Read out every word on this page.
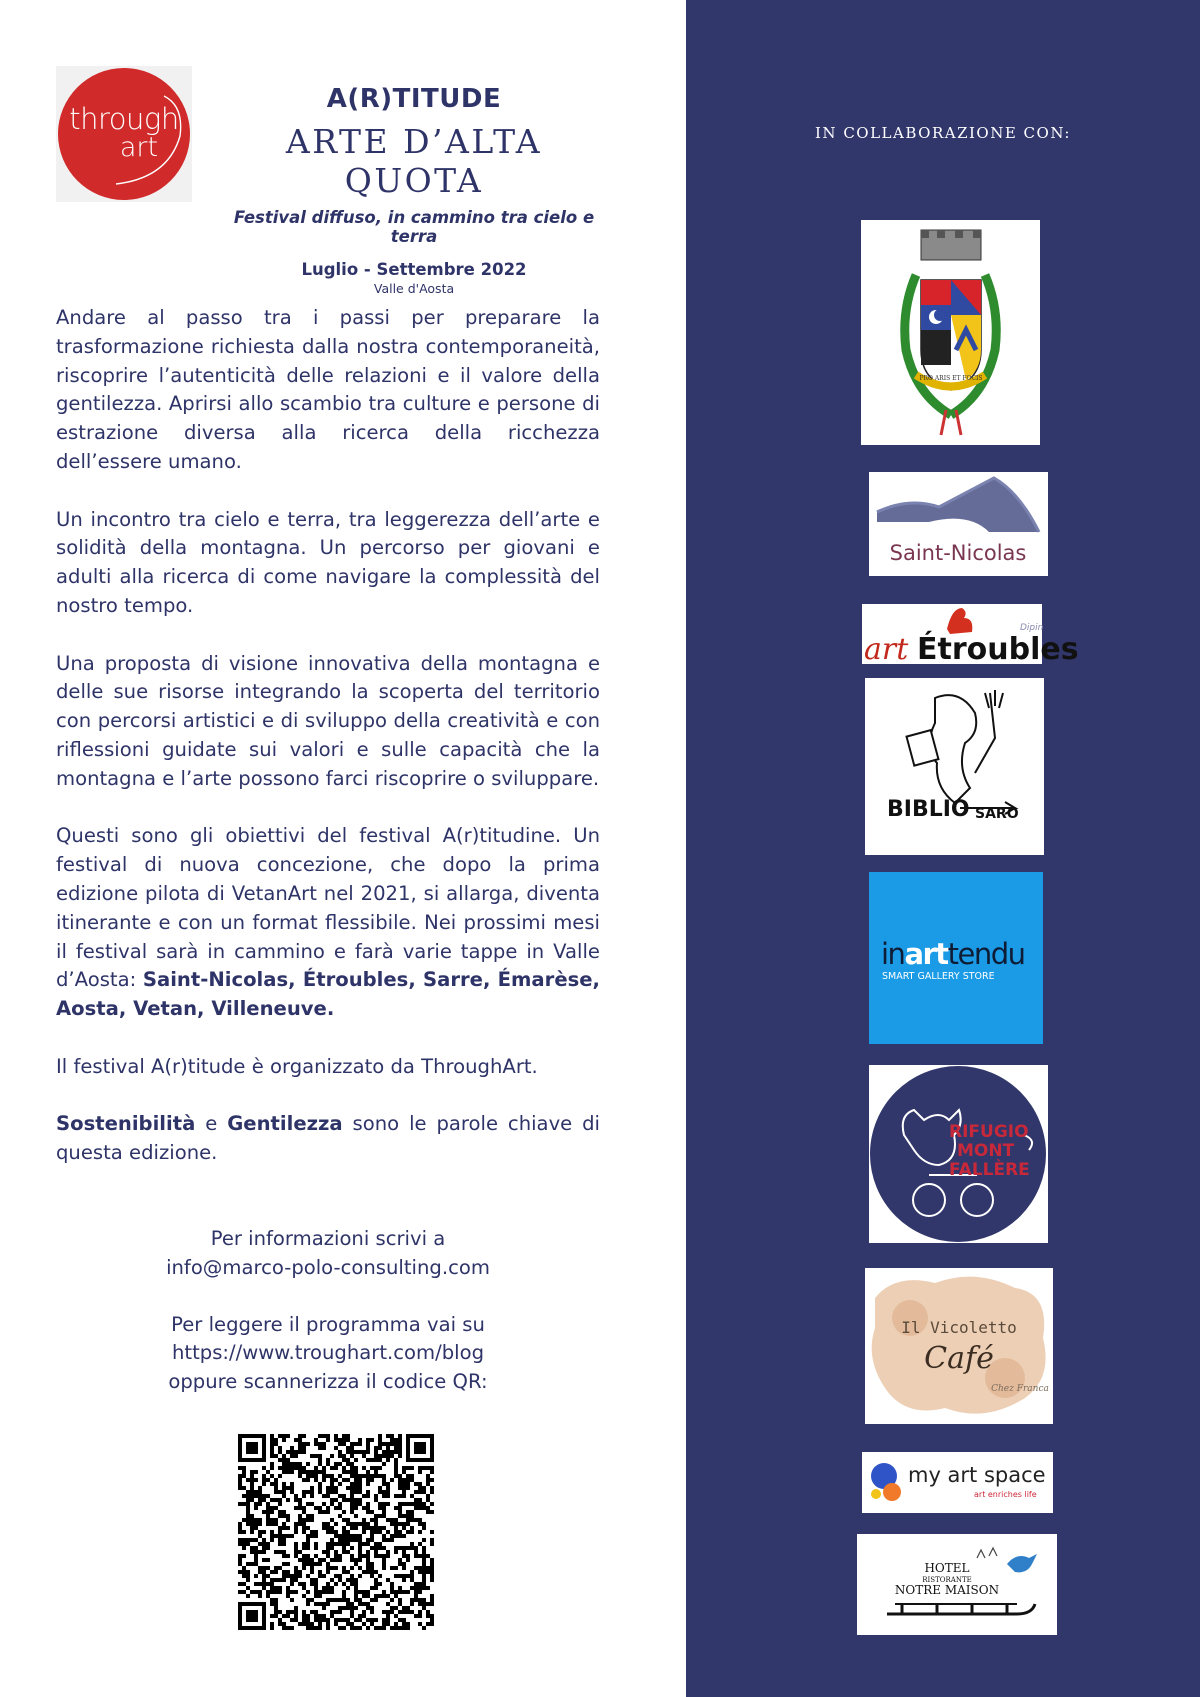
through
art
A(R)TITUDE
ARTE D’ALTA QUOTA
Festival diffuso, in cammino tra cielo e terra
Luglio - Settembre 2022
Valle d'Aosta

Andare al passo tra i passi per preparare la trasformazione richiesta dalla nostra contemporaneità, riscoprire l’autenticità delle relazioni e il valore della gentilezza. Aprirsi allo scambio tra culture e persone di estrazione diversa alla ricerca della ricchezza dell’essere umano.

Un incontro tra cielo e terra, tra leggerezza dell’arte e solidità della montagna. Un percorso per giovani e adulti alla ricerca di come navigare la complessità del nostro tempo.

Una proposta di visione innovativa della montagna e delle sue risorse integrando la scoperta del territorio con percorsi artistici e di sviluppo della creatività e con riflessioni guidate sui valori e sulle capacità che la montagna e l’arte possono farci riscoprire o sviluppare.

Questi sono gli obiettivi del festival A(r)titudine. Un festival di nuova concezione, che dopo la prima edizione pilota di VetanArt nel 2021, si allarga, diventa itinerante e con un format flessibile. Nei prossimi mesi il festival sarà in cammino e farà varie tappe in Valle d’Aosta: Saint-Nicolas, Étroubles, Sarre, Émarèse, Aosta, Vetan, Villeneuve.

Il festival A(r)titude è organizzato da ThroughArt.

Sostenibilità e Gentilezza sono le parole chiave di questa edizione.

Per informazioni scrivi a
info@marco-polo-consulting.com
Per leggere il programma vai su
https://www.troughart.com/blog
oppure scannerizza il codice QR:
IN COLLABORAZIONE CON:
PRO ARIS ET FOCIS
Saint-Nicolas
art Étroubles
Dipin
BIBLIO SARO
inarttendu
SMART GALLERY STORE
RIFUGIO
MONT
FALLÈRE
Il Vicoletto
Café
Chez Franca
my art space
art enriches life
HOTEL
RISTORANTE
NOTRE MAISON
